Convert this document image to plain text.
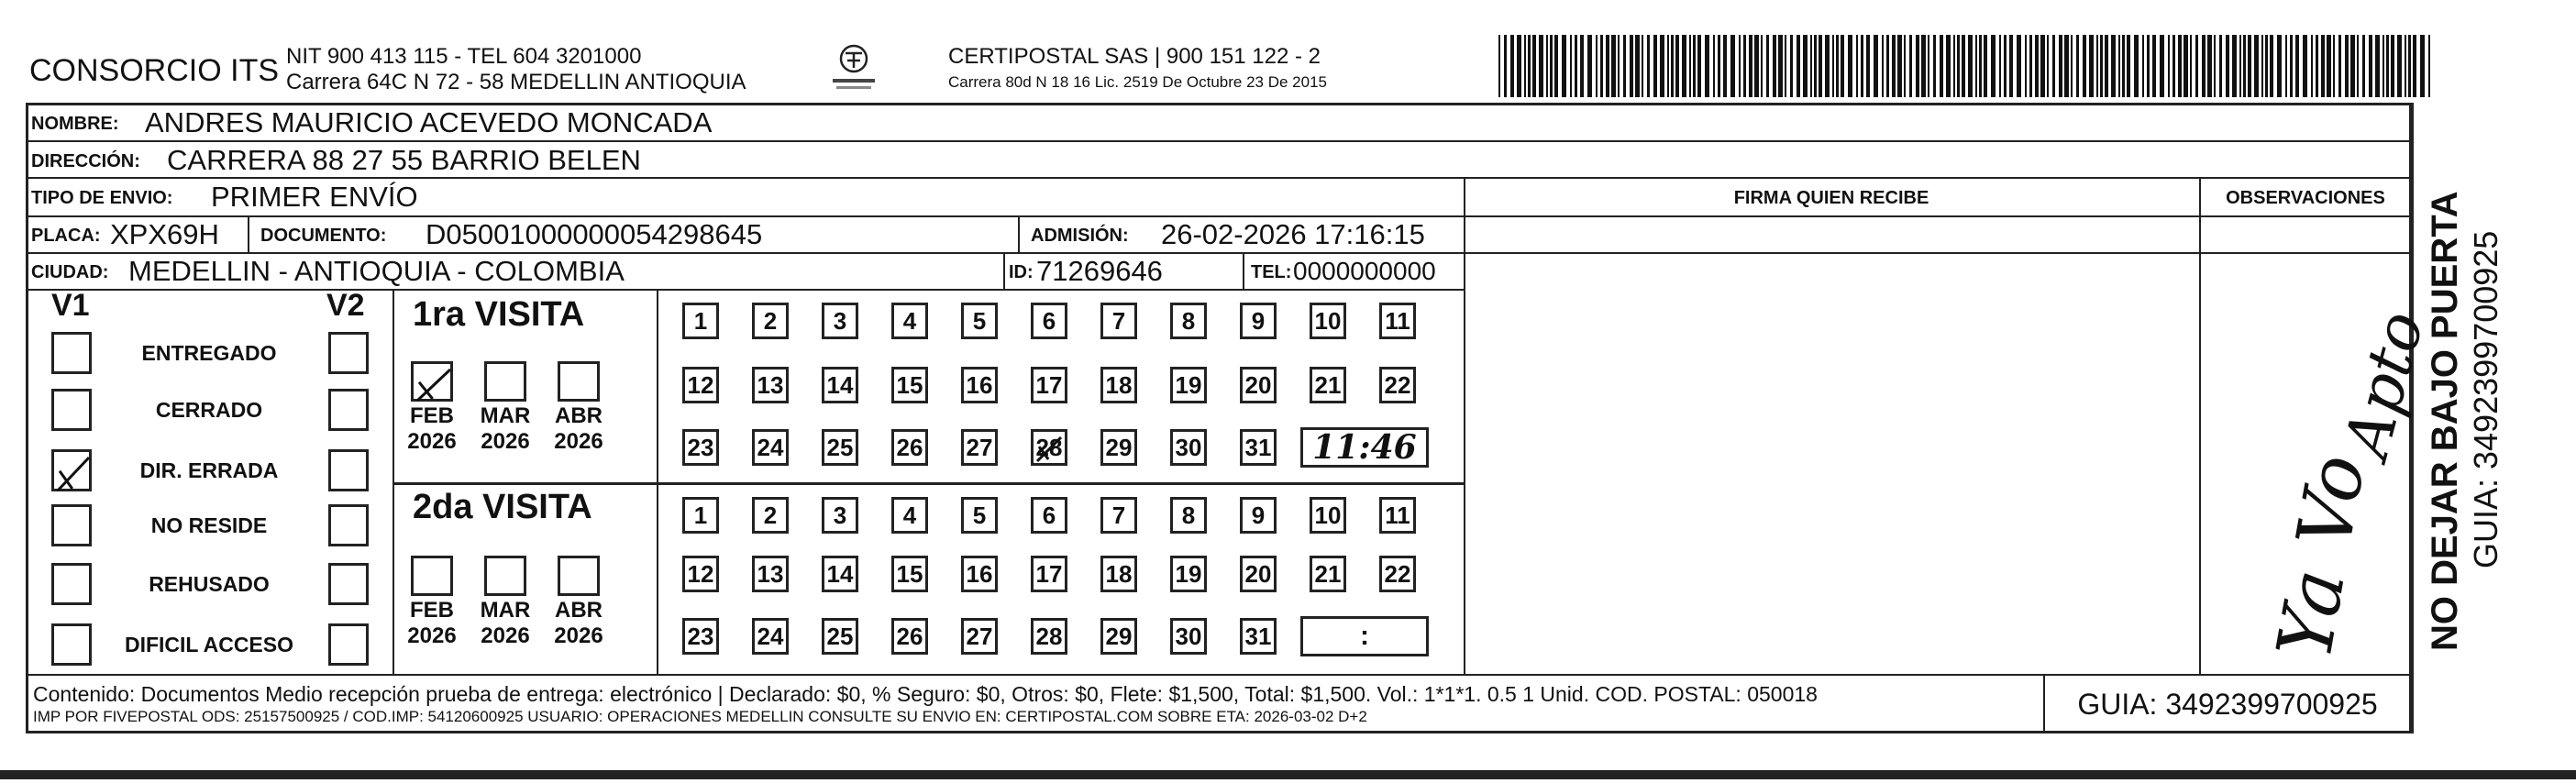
CONSORCIO ITS NIT 900 413 115 - TEL 604 3201000
Carrera 64C N 72 - 58 MEDELLIN ANTIOQUIA
CERTIPOSTAL SAS | 900 151 122 - 2
Carrera 80d N 18 16 Lic. 2519 De Octubre 23 De 2015
NOMBRE: ANDRES MAURICIO ACEVEDO MONCADA
DIRECCIÓN: CARRERA 88 27 55 BARRIO BELEN
TIPO DE ENVIO: PRIMER ENVÍO
PLACA: XPX69H DOCUMENTO: D05001000000054298645	ADMISIÓN: 26-02-2026 17:16:15
CIUDAD: MEDELLIN - ANTIOQUIA - COLOMBIA	ID: 71269646	TEL: 0000000000
FIRMA QUIEN RECIBE	OBSERVACIONES
Apto
Ya Vo
V1	V2
ENTREGADO
CERRADO
DIR. ERRADA
NO RESIDE
REHUSADO
DIFICIL ACCESO
1ra VISITA
FEB
2026
MAR
2026
ABR
2026
1 2 3 4 5 6 7 8 9 10 11
12 13 14 15 16 17 18 19 20 21 22
23 24 25 26 27 28 29 30 31 11:46
2da VISITA
FEB
2026
MAR
2026
ABR
2026
1 2 3 4 5 6 7 8 9 10 11
12 13 14 15 16 17 18 19 20 21 22
23 24 25 26 27 28 29 30 31	:
Contenido: Documentos Medio recepción prueba de entrega: electrónico | Declarado: $0, % Seguro: $0, Otros: $0, Flete: $1,500, Total: $1,500. Vol.: 1*1*1. 0.5 1 Unid. COD. POSTAL: 050018
IMP POR FIVEPOSTAL ODS: 25157500925 / COD.IMP: 54120600925 USUARIO: OPERACIONES MEDELLIN CONSULTE SU ENVIO EN: CERTIPOSTAL.COM SOBRE ETA: 2026-03-02 D+2	GUIA: 3492399700925
NO DEJAR BAJO PUERTA GUIA: 3492399700925
